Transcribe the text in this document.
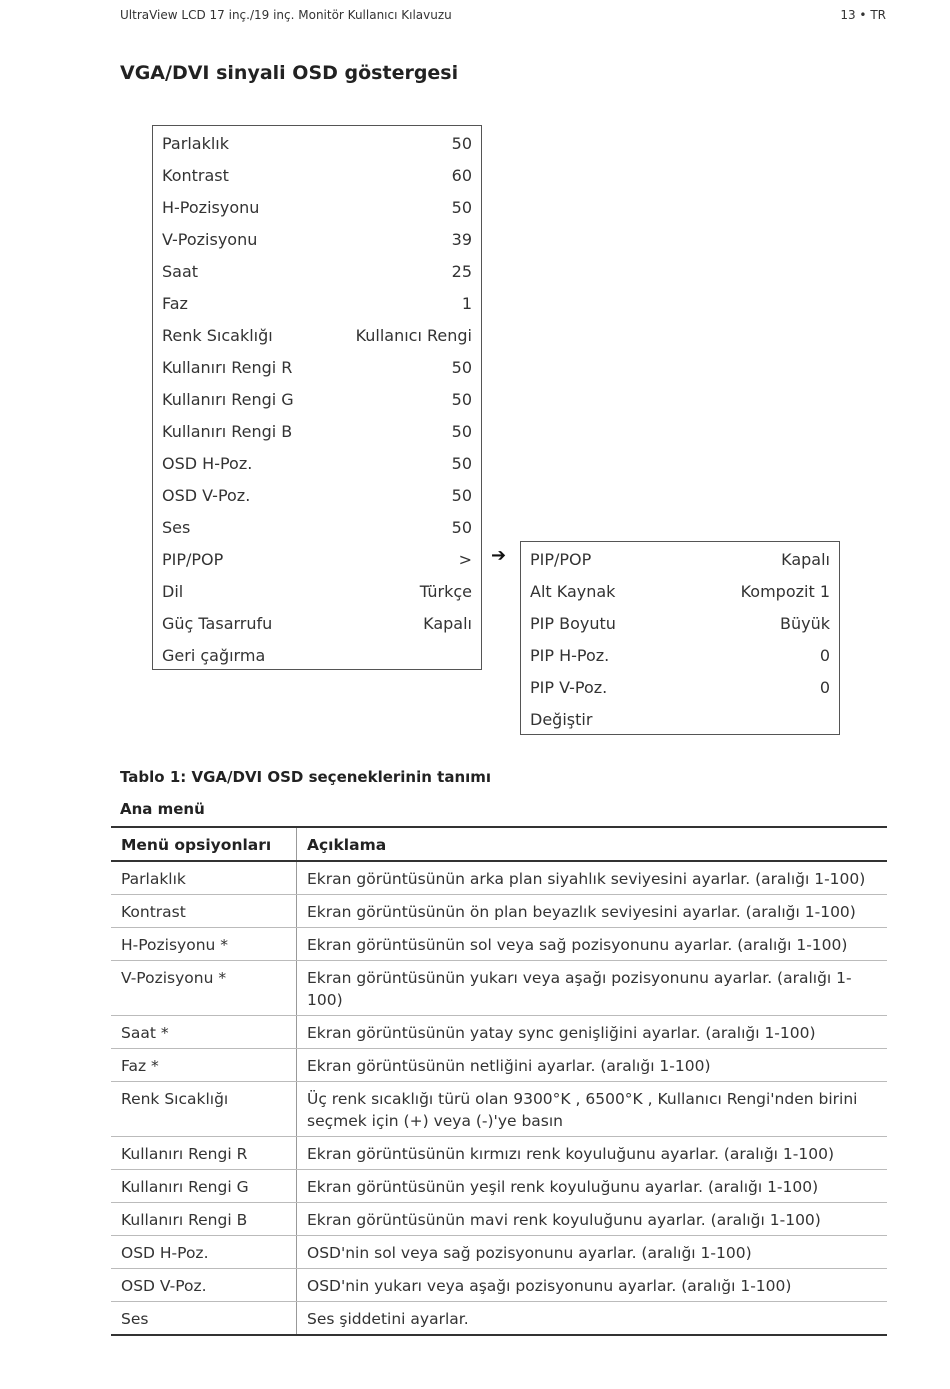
UltraView LCD 17 inç./19 inç. Monitör Kullanıcı Kılavuzu	13 • TR
VGA/DVI sinyali OSD göstergesi
Parlaklık	50
Kontrast	60
H-Pozisyonu	50
V-Pozisyonu	39
Saat	25
Faz	1
Renk Sıcaklığı	Kullanıcı Rengi
Kullanırı Rengi R	50
Kullanırı Rengi G	50
Kullanırı Rengi B	50
OSD H-Poz.	50
OSD V-Poz.	50
Ses	50
PIP/POP	>
Dil	Türkçe
Güç Tasarrufu	Kapalı
Geri çağırma
➔ PIP/POP	Kapalı
Alt Kaynak	Kompozit 1
PIP Boyutu	Büyük
PIP H-Poz.	0
PIP V-Poz.	0
Değiştir
Tablo 1: VGA/DVI OSD seçeneklerinin tanımı
Ana menü
Menü opsiyonları	Açıklama
Parlaklık	Ekran görüntüsünün arka plan siyahlık seviyesini ayarlar. (aralığı 1-100)
Kontrast	Ekran görüntüsünün ön plan beyazlık seviyesini ayarlar. (aralığı 1-100)
H-Pozisyonu *	Ekran görüntüsünün sol veya sağ pozisyonunu ayarlar. (aralığı 1-100)
V-Pozisyonu *	Ekran görüntüsünün yukarı veya aşağı pozisyonunu ayarlar. (aralığı 1-100)
Saat *	Ekran görüntüsünün yatay sync genişliğini ayarlar. (aralığı 1-100)
Faz *	Ekran görüntüsünün netliğini ayarlar. (aralığı 1-100)
Renk Sıcaklığı	Üç renk sıcaklığı türü olan 9300°K , 6500°K , Kullanıcı Rengi'nden birini seçmek için (+) veya (-)'ye basın
Kullanırı Rengi R	Ekran görüntüsünün kırmızı renk koyuluğunu ayarlar. (aralığı 1-100)
Kullanırı Rengi G	Ekran görüntüsünün yeşil renk koyuluğunu ayarlar. (aralığı 1-100)
Kullanırı Rengi B	Ekran görüntüsünün mavi renk koyuluğunu ayarlar. (aralığı 1-100)
OSD H-Poz.	OSD'nin sol veya sağ pozisyonunu ayarlar. (aralığı 1-100)
OSD V-Poz.	OSD'nin yukarı veya aşağı pozisyonunu ayarlar. (aralığı 1-100)
Ses	Ses şiddetini ayarlar.
